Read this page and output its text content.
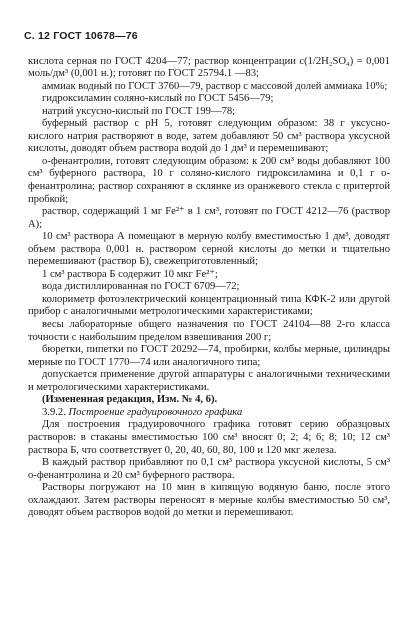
С. 12 ГОСТ 10678—76

кислота серная по ГОСТ 4204—77; раствор концентрации c(1/2H₂SO₄) = 0,001 моль/дм³ (0,001 н.); готовят по ГОСТ 25794.1 —83;

аммиак водный по ГОСТ 3760—79, раствор с массовой долей аммиака 10%;

гидроксиламин соляно-кислый по ГОСТ 5456—79;

натрий уксусно-кислый по ГОСТ 199—78;

буферный раствор с pH 5, готовят следующим образом: 38 г уксусно-кислого натрия растворяют в воде, затем добавляют 50 см³ раствора уксусной кислоты, доводят объем раствора водой до 1 дм³ и перемешивают;

о-фенантролин, готовят следующим образом: к 200 см³ воды добавляют 100 см³ буферного раствора, 10 г соляно-кислого гидроксиламина и 0,1 г о-фенантролина; раствор сохраняют в склянке из оранжевого стекла с притертой пробкой;

раствор, содержащий 1 мг Fe²⁺ в 1 см³, готовят по ГОСТ 4212—76 (раствор А);

10 см³ раствора А помещают в мерную колбу вместимостью 1 дм³, доводят объем раствора 0,001 н. раствором серной кислоты до метки и тщательно перемешивают (раствор Б), свежеприготовленный;

1 см³ раствора Б содержит 10 мкг Fe²⁺;

вода дистиллированная по ГОСТ 6709—72;

колориметр фотоэлектрический концентрационный типа КФК-2 или другой прибор с аналогичными метрологическими характеристиками;

весы лабораторные общего назначения по ГОСТ 24104—88 2-го класса точности с наибольшим пределом взвешивания 200 г;

бюретки, пипетки по ГОСТ 20292—74, пробирки, колбы мерные, цилиндры мерные по ГОСТ 1770—74 или аналогичного типа;

допускается применение другой аппаратуры с аналогичными техническими и метрологическими характеристиками.

(Измененная редакция, Изм. № 4, 6).

3.9.2. Построение градуировочного графика

Для построения градуировочного графика готовят серию образцовых растворов: в стаканы вместимостью 100 см³ вносят 0; 2; 4; 6; 8; 10; 12 см³ раствора Б, что соответствует 0, 20, 40, 60, 80, 100 и 120 мкг железа.

В каждый раствор прибавляют по 0,1 см³ раствора уксусной кислоты, 5 см³ о-фенантролина и 20 см³ буферного раствора.

Растворы погружают на 10 мин в кипящую водяную баню, после этого охлаждают. Затем растворы переносят в мерные колбы вместимостью 50 см³, доводят объем растворов водой до метки и перемешивают.
